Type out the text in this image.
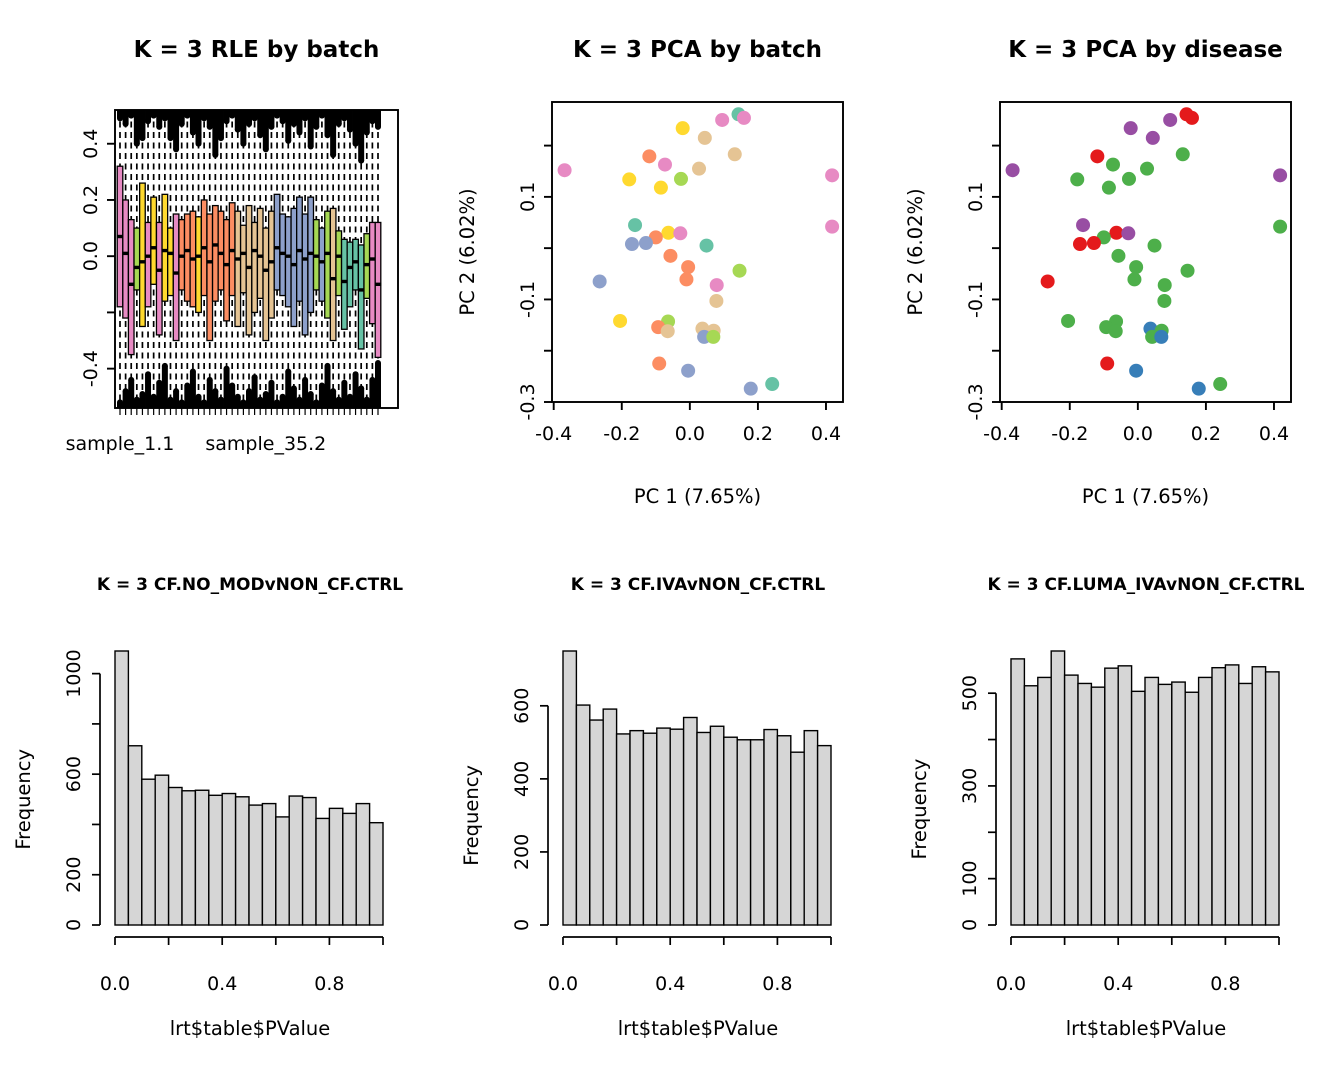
K = 3 RLE by batch
-0.4
0.0
0.2
0.4
sample_1.1 sample_35.2
K = 3 PCA by batch
-0.4 -0.2 0.0 0.2 0.4
-0.3
-0.1
0.1
PC 1 (7.65%)
PC 2 (6.02%)
K = 3 PCA by disease
-0.4 -0.2 0.0 0.2 0.4
-0.3
-0.1
0.1
PC 1 (7.65%)
PC 2 (6.02%)
K = 3 CF.NO_MODvNON_CF.CTRL
0
200
600
1000
0.0	0.4	0.8
lrt$table$PValue
Frequency
K = 3 CF.IVAvNON_CF.CTRL
0
200
400
600
0.0	0.4	0.8
lrt$table$PValue
Frequency
K = 3 CF.LUMA_IVAvNON_CF.CTRL
0
100
300
500
0.0	0.4	0.8
lrt$table$PValue
Frequency
